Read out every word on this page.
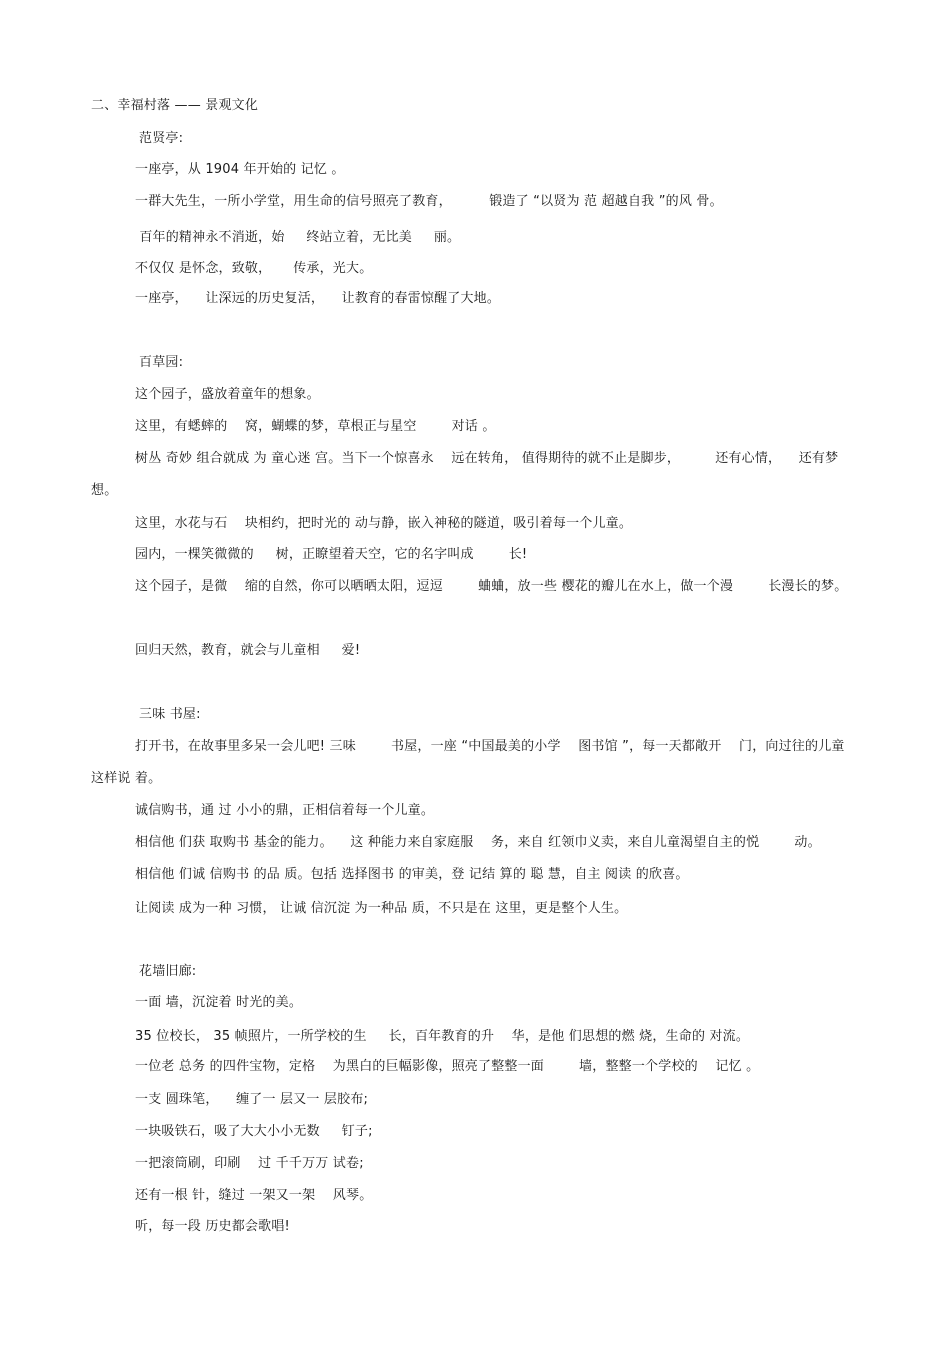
二、幸福村落 —— 景观文化

范贤亭:

一座亭，从 1904 年开始的 记忆 。

一群大先生，一所小学堂，用生命的信号照亮了教育，　　　 锻造了 “以贤为 范 超越自我 ”的风 骨。

百年的精神永不消逝，始 　 终站立着，无比美 　 丽。

不仅仅 是怀念，致敬， 　 传承，光大。

一座亭， 　让深远的历史复活， 　让教育的春雷惊醒了大地。

百草园:

这个园子，盛放着童年的想象。

这里，有蟋蟀的 　窝，蝴蝶的梦，草根正与星空 　 　对话 。

树丛 奇妙 组合就成 为 童心迷 宫。当下一个惊喜永 　远在转角， 值得期待的就不止是脚步， 　 　还有心情， 　还有梦想。

这里，水花与石 　块相约，把时光的 动与静，嵌入神秘的隧道，吸引着每一个儿童。

园内，一棵笑微微的 　 树，正瞭望着天空，它的名字叫成 　 　长!

这个园子，是微 　缩的自然，你可以晒晒太阳，逗逗 　 　蛐蛐，放一些 樱花的瓣儿在水上，做一个漫 　 　长漫长的梦。

回归天然，教育，就会与儿童相 　 爱!

三味 书屋:

打开书，在故事里多呆一会儿吧! 三味 　 　书屋，一座 “中国最美的小学 　图书馆 ”，每一天都敞开 　门，向过往的儿童 这样说 着。

诚信购书，通 过 小小的鼎，正相信着每一个儿童。

相信他 们获 取购书 基金的能力。 　这 种能力来自家庭服 　务，来自 红领巾义卖，来自儿童渴望自主的悦 　 　动。

相信他 们诚 信购书 的品 质。包括 选择图书 的审美，登 记结 算的 聪 慧，自主 阅读 的欣喜。

让阅读 成为一种 习惯， 让诚 信沉淀 为一种品 质，不只是在 这里，更是整个人生。

花墙旧廊:

一面 墙，沉淀着 时光的美。

35 位校长， 35 帧照片，一所学校的生 　 长，百年教育的升 　华，是他 们思想的燃 烧，生命的 对流。

一位老 总务 的四件宝物，定格 　为黑白的巨幅影像，照亮了整整一面 　 　墙，整整一个学校的 　记忆 。

一支 圆珠笔， 　缠了一 层又一 层胶布;

一块吸铁石，吸了大大小小无数 　 钉子;

一把滚筒刷，印刷 　过 千千万万 试卷;

还有一根 针，缝过 一架又一架 　风琴。

听，每一段 历史都会歌唱!
